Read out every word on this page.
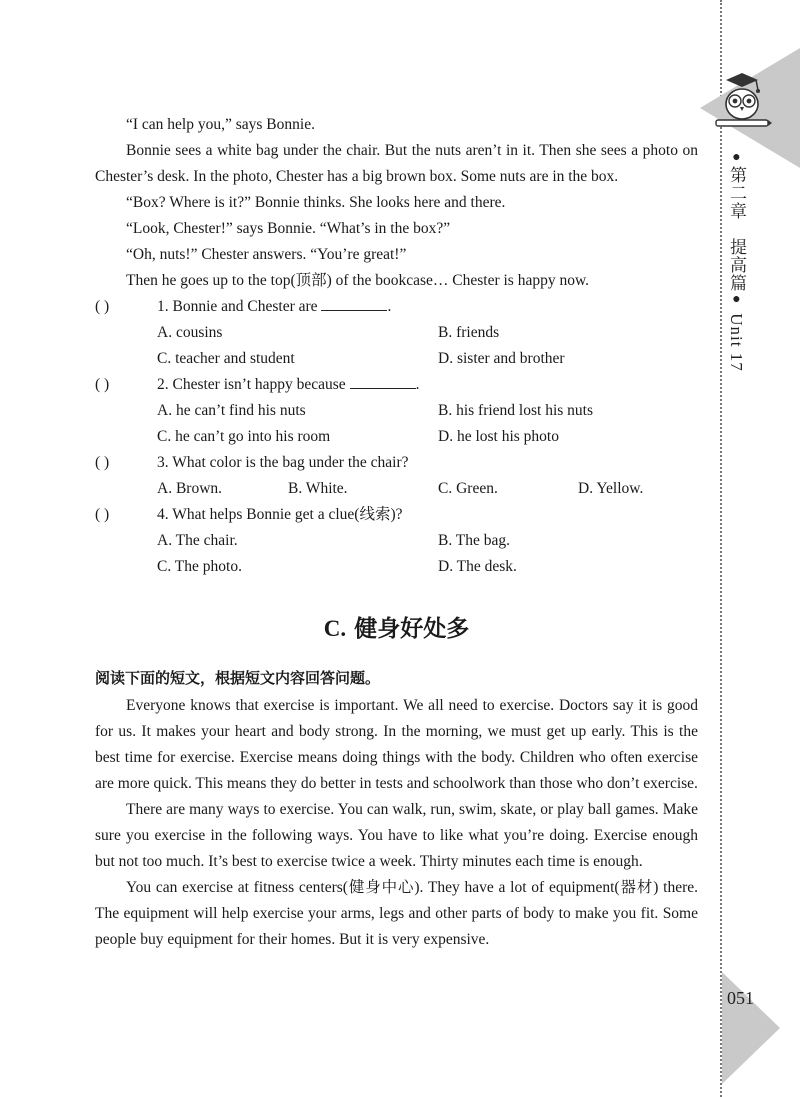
●第二章　提高篇● Unit 17
051

“I can help you,” says Bonnie.

Bonnie sees a white bag under the chair. But the nuts aren’t in it. Then she sees a photo on Chester’s desk. In the photo, Chester has a big brown box. Some nuts are in the box.

“Box? Where is it?” Bonnie thinks. She looks here and there.

“Look, Chester!” says Bonnie. “What’s in the box?”

“Oh, nuts!” Chester answers. “You’re great!”

Then he goes up to the top(顶部) of the bookcase… Chester is happy now.

( )	1. Bonnie and Chester are	.

A. cousins	B. friends
C. teacher and student	D. sister and brother

( )	2. Chester isn’t happy because	.

A. he can’t find his nuts	B. his friend lost his nuts
C. he can’t go into his room	D. he lost his photo

( )	3. What color is the bag under the chair?

A. Brown.	B. White.	C. Green.	D. Yellow.

( )	4. What helps Bonnie get a clue(线索)?

A. The chair.	B. The bag.
C. The photo.	D. The desk.
C. 健身好处多

阅读下面的短文，根据短文内容回答问题。

Everyone knows that exercise is important. We all need to exercise. Doctors say it is good for us. It makes your heart and body strong. In the morning, we must get up early. This is the best time for exercise. Exercise means doing things with the body. Children who often exercise are more quick. This means they do better in tests and schoolwork than those who don’t exercise.

There are many ways to exercise. You can walk, run, swim, skate, or play ball games. Make sure you exercise in the following ways. You have to like what you’re doing. Exercise enough but not too much. It’s best to exercise twice a week. Thirty minutes each time is enough.

You can exercise at fitness centers(健身中心). They have a lot of equipment(器材) there. The equipment will help exercise your arms, legs and other parts of body to make you fit. Some people buy equipment for their homes. But it is very expensive.
